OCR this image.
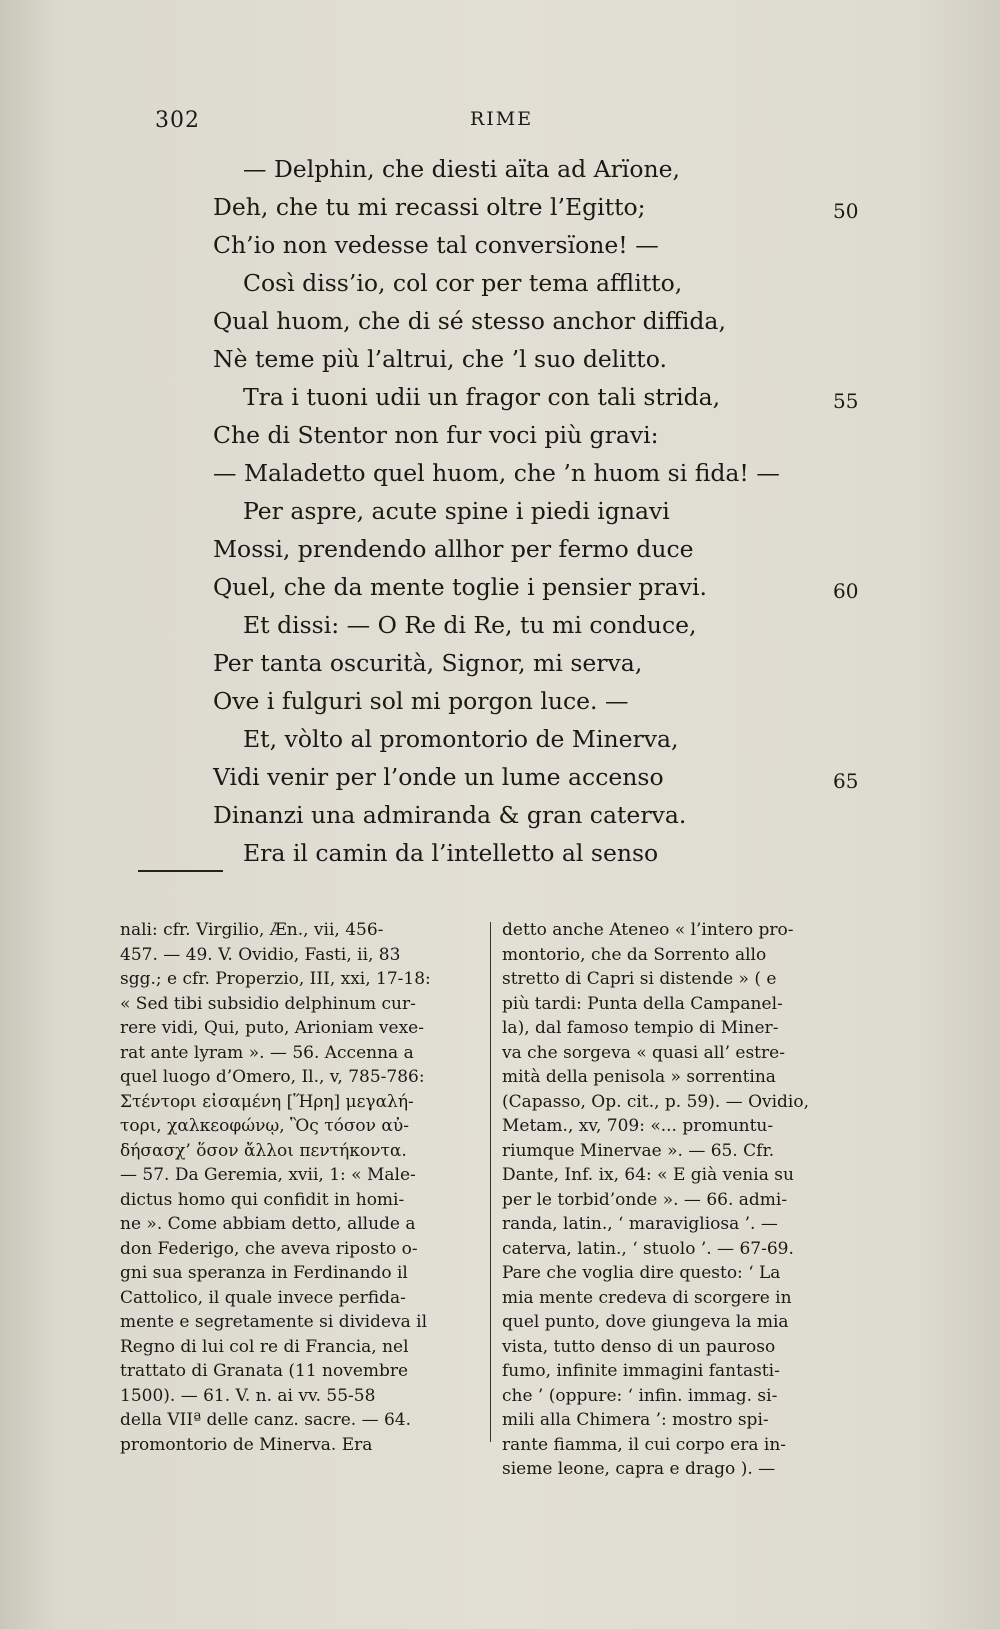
302	RIME
— Delphin, che diesti aïta ad Arïone,
Deh, che tu mi recassi oltre l’Egitto;	50
Ch’io non vedesse tal conversïone! —
Così diss’io, col cor per tema afflitto,
Qual huom, che di sé stesso anchor diffida,
Nè teme più l’altrui, che ’l suo delitto.
Tra i tuoni udii un fragor con tali strida,	55
Che di Stentor non fur voci più gravi:
— Maladetto quel huom, che ’n huom si fida! —
Per aspre, acute spine i piedi ignavi
Mossi, prendendo allhor per fermo duce
Quel, che da mente toglie i pensier pravi.	60
Et dissi: — O Re di Re, tu mi conduce,
Per tanta oscurità, Signor, mi serva,
Ove i fulguri sol mi porgon luce. —
Et, vòlto al promontorio de Minerva,
Vidi venir per l’onde un lume accenso	65
Dinanzi una admiranda & gran caterva.
Era il camin da l’intelletto al senso
nali: cfr. Virgilio, Æn., vii, 456-
457. — 49. V. Ovidio, Fasti, ii, 83
sgg.; e cfr. Properzio, III, xxi, 17-18:
« Sed tibi subsidio delphinum cur-
rere vidi, Qui, puto, Arioniam vexe-
rat ante lyram ». — 56. Accenna a
quel luogo d’Omero, Il., v, 785-786:
Στέντορι εἰσαμένη [Ἥρη] μεγαλή-
τορι, χαλκεοφώνῳ, Ὃς τόσον αὐ-
δήσασχ’ ὅσον ἄλλοι πεντήκοντα.
— 57. Da Geremia, xvii, 1: « Male-
dictus homo qui confidit in homi-
ne ». Come abbiam detto, allude a
don Federigo, che aveva riposto o-
gni sua speranza in Ferdinando il
Cattolico, il quale invece perfida-
mente e segretamente si divideva il
Regno di lui col re di Francia, nel
trattato di Granata (11 novembre
1500). — 61. V. n. ai vv. 55-58
della VIIª delle canz. sacre. — 64.
promontorio de Minerva. Era
detto anche Ateneo « l’intero pro-
montorio, che da Sorrento allo
stretto di Capri si distende » ( e
più tardi: Punta della Campanel-
la), dal famoso tempio di Miner-
va che sorgeva « quasi all’ estre-
mità della penisola » sorrentina
(Capasso, Op. cit., p. 59). — Ovidio,
Metam., xv, 709: «... promuntu-
riumque Minervae ». — 65. Cfr.
Dante, Inf. ix, 64: « E già venia su
per le torbid’onde ». — 66. admi-
randa, latin., ‘ maravigliosa ’. —
caterva, latin., ‘ stuolo ’. — 67-69.
Pare che voglia dire questo: ‘ La
mia mente credeva di scorgere in
quel punto, dove giungeva la mia
vista, tutto denso di un pauroso
fumo, infinite immagini fantasti-
che ’ (oppure: ‘ infin. immag. si-
mili alla Chimera ’: mostro spi-
rante fiamma, il cui corpo era in-
sieme leone, capra e drago ). —
